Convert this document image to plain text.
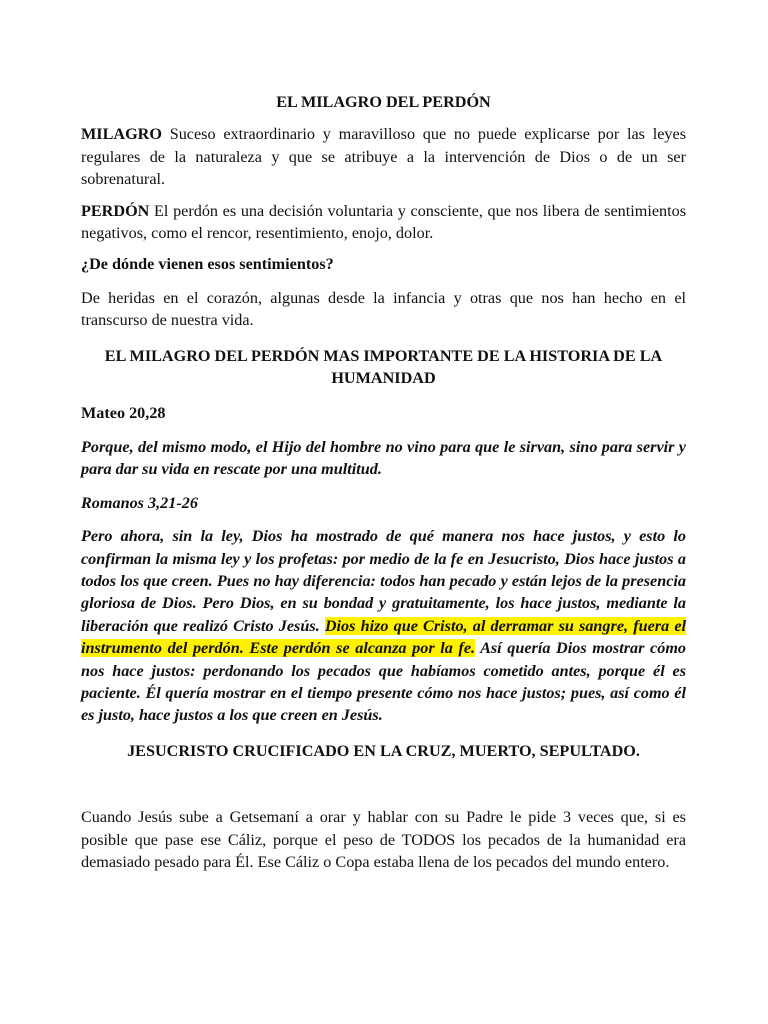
EL MILAGRO DEL PERDÓN

MILAGRO Suceso extraordinario y maravilloso que no puede explicarse por las leyes regulares de la naturaleza y que se atribuye a la intervención de Dios o de un ser sobrenatural.

PERDÓN El perdón es una decisión voluntaria y consciente, que nos libera de sentimientos negativos, como el rencor, resentimiento, enojo, dolor.

¿De dónde vienen esos sentimientos?

De heridas en el corazón, algunas desde la infancia y otras que nos han hecho en el transcurso de nuestra vida.

EL MILAGRO DEL PERDÓN MAS IMPORTANTE DE LA HISTORIA DE LA HUMANIDAD

Mateo 20,28

Porque, del mismo modo, el Hijo del hombre no vino para que le sirvan, sino para servir y para dar su vida en rescate por una multitud.

Romanos 3,21-26

Pero ahora, sin la ley, Dios ha mostrado de qué manera nos hace justos, y esto lo confirman la misma ley y los profetas: por medio de la fe en Jesucristo, Dios hace justos a todos los que creen. Pues no hay diferencia: todos han pecado y están lejos de la presencia gloriosa de Dios. Pero Dios, en su bondad y gratuitamente, los hace justos, mediante la liberación que realizó Cristo Jesús. Dios hizo que Cristo, al derramar su sangre, fuera el instrumento del perdón. Este perdón se alcanza por la fe. Así quería Dios mostrar cómo nos hace justos: perdonando los pecados que habíamos cometido antes, porque él es paciente. Él quería mostrar en el tiempo presente cómo nos hace justos; pues, así como él es justo, hace justos a los que creen en Jesús.

JESUCRISTO CRUCIFICADO EN LA CRUZ, MUERTO, SEPULTADO.

Cuando Jesús sube a Getsemaní a orar y hablar con su Padre le pide 3 veces que, si es posible que pase ese Cáliz, porque el peso de TODOS los pecados de la humanidad era demasiado pesado para Él. Ese Cáliz o Copa estaba llena de los pecados del mundo entero.
